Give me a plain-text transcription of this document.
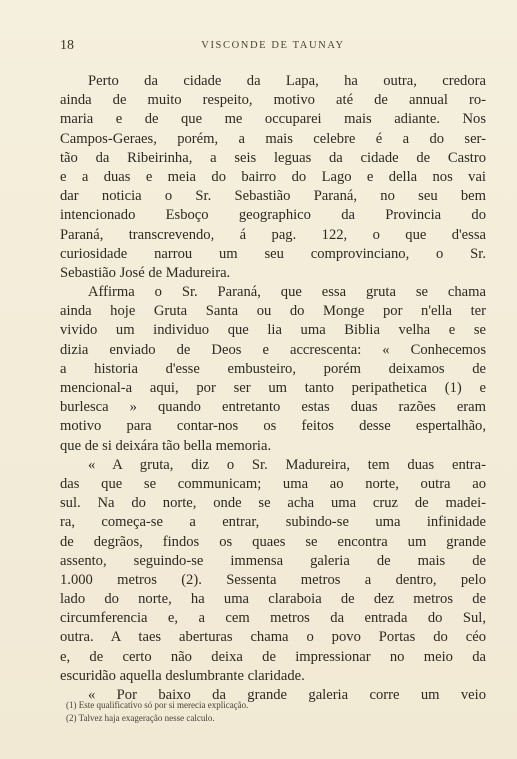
18	VISCONDE DE TAUNAY
Perto da cidade da Lapa, ha outra, credora
ainda de muito respeito, motivo até de annual ro-
maria e de que me occuparei mais adiante. Nos
Campos-Geraes, porém, a mais celebre é a do ser-
tão da Ribeirinha, a seis leguas da cidade de Castro
e a duas e meia do bairro do Lago e della nos vai
dar noticia o Sr. Sebastião Paraná, no seu bem
intencionado Esboço geographico da Provincia do
Paraná, transcrevendo, á pag. 122, o que d'essa
curiosidade narrou um seu comprovinciano, o Sr.
Sebastião José de Madureira.
Affirma o Sr. Paraná, que essa gruta se chama
ainda hoje Gruta Santa ou do Monge por n'ella ter
vivido um individuo que lia uma Biblia velha e se
dizia enviado de Deos e accrescenta: « Conhecemos
a historia d'esse embusteiro, porém deixamos de
mencional-a aqui, por ser um tanto peripathetica (1) e
burlesca » quando entretanto estas duas razões eram
motivo para contar-nos os feitos desse espertalhão,
que de si deixára tão bella memoria.
« A gruta, diz o Sr. Madureira, tem duas entra-
das que se communicam; uma ao norte, outra ao
sul. Na do norte, onde se acha uma cruz de madei-
ra, começa-se a entrar, subindo-se uma infinidade
de degrãos, findos os quaes se encontra um grande
assento, seguindo-se immensa galeria de mais de
1.000 metros (2). Sessenta metros a dentro, pelo
lado do norte, ha uma claraboia de dez metros de
circumferencia e, a cem metros da entrada do Sul,
outra. A taes aberturas chama o povo Portas do céo
e, de certo não deixa de impressionar no meio da
escuridão aquella deslumbrante claridade.
« Por baixo da grande galeria corre um veio
(1) Este qualificativo só por si merecia explicação.
(2) Talvez haja exageração nesse calculo.
